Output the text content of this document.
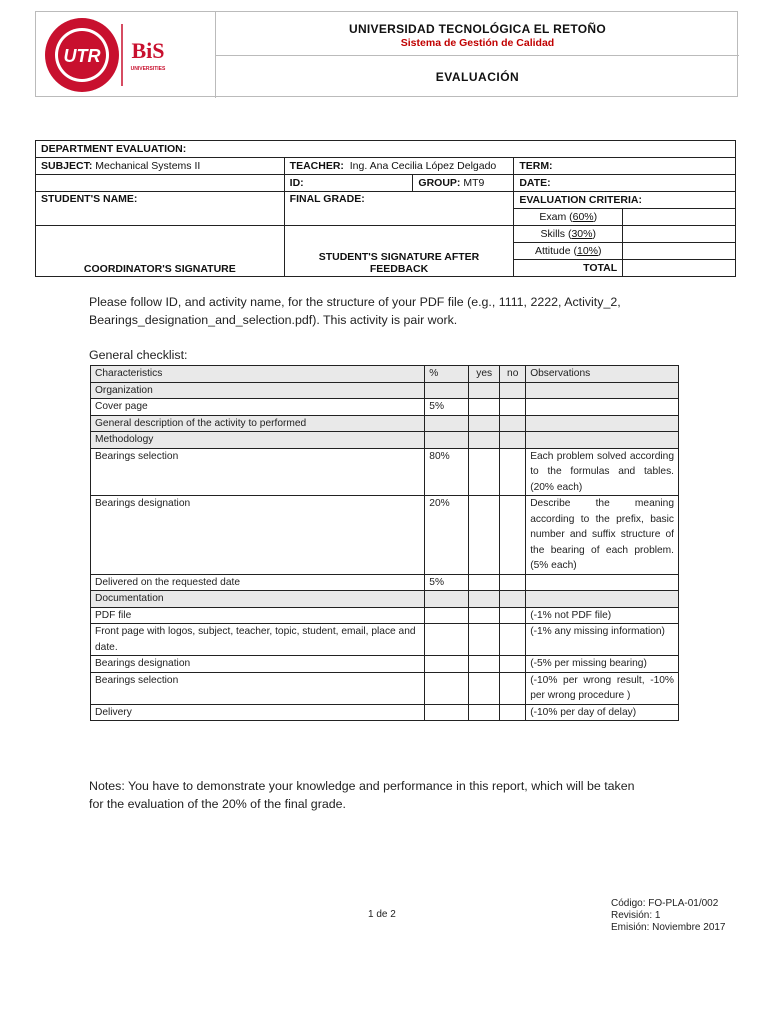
UTR BiS
UNIVERSITIES
UNIVERSIDAD TECNOLÓGICA EL RETOÑO
Sistema de Gestión de Calidad
EVALUACIÓN
DEPARTMENT EVALUATION:				
SUBJECT: Mechanical Systems II	TEACHER: Ing. Ana Cecilia López Delgado		TERM:	
	ID:	GROUP: MT9	DATE:	
STUDENT'S NAME:	FINAL GRADE:		EVALUATION CRITERIA:	
			Exam (60%)	
COORDINATOR'S SIGNATURE	STUDENT'S SIGNATURE AFTER FEEDBACK		Skills (30%)	
			Attitude (10%)	
			TOTAL	
Please follow ID, and activity name, for the structure of your PDF file (e.g., 1111, 2222, Activity_2,
Bearings_designation_and_selection.pdf). This activity is pair work.
General checklist:
Characteristics	%	yes	no	Observations
Organization				
Cover page	5%			
General description of the activity to performed				
Methodology				
Bearings selection	80%			Each problem solved according to the formulas and tables. (20% each)
Bearings designation	20%			Describe the meaning according to the prefix, basic number and suffix structure of the bearing of each problem. (5% each)
Delivered on the requested date	5%			
Documentation				
PDF file				(-1% not PDF file)
Front page with logos, subject, teacher, topic, student, email, place and date.				(-1% any missing information)
Bearings designation				(-5% per missing bearing)
Bearings selection				(-10% per wrong result, -10% per wrong procedure )
Delivery				(-10% per day of delay)
Notes: You have to demonstrate your knowledge and performance in this report, which will be taken
for the evaluation of the 20% of the final grade.
1 de 2
Código: FO-PLA-01/002
Revisión: 1
Emisión: Noviembre 2017
